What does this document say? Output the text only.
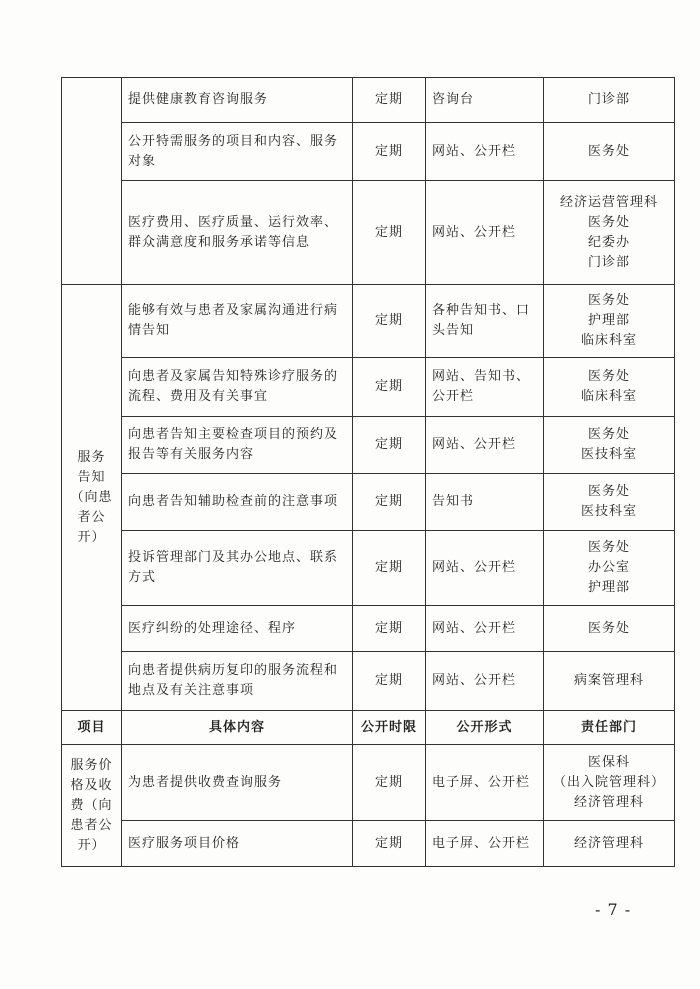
	提供健康教育咨询服务	定期	咨询台	门诊部

	公开特需服务的项目和内容、服务对象	定期	网站、公开栏	医务处

	医疗费用、医疗质量、运行效率、群众满意度和服务承诺等信息	定期	网站、公开栏	经济运营管理科
医务处
纪委办
门诊部

服务
告知
（向患
者公
开）	能够有效与患者及家属沟通进行病情告知	定期	各种告知书、口头告知	医务处
护理部
临床科室

	向患者及家属告知特殊诊疗服务的流程、费用及有关事宜	定期	网站、告知书、公开栏	医务处
临床科室

	向患者告知主要检查项目的预约及报告等有关服务内容	定期	网站、公开栏	医务处
医技科室

	向患者告知辅助检查前的注意事项	定期	告知书	医务处
医技科室

	投诉管理部门及其办公地点、联系方式	定期	网站、公开栏	医务处
办公室
护理部

	医疗纠纷的处理途径、程序	定期	网站、公开栏	医务处

	向患者提供病历复印的服务流程和地点及有关注意事项	定期	网站、公开栏	病案管理科

项目	具体内容	公开时限	公开形式	责任部门

服务价
格及收
费（向
患者公
开）	为患者提供收费查询服务	定期	电子屏、公开栏	医保科
（出入院管理科）
经济管理科

	医疗服务项目价格	定期	电子屏、公开栏	经济管理科
- 7 -
